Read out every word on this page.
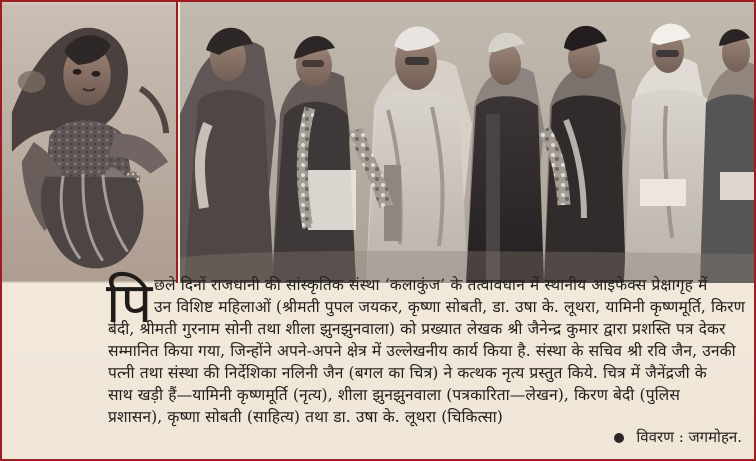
पि छले दिनों राजधानी की सांस्कृतिक संस्था ‘कलाकुंज’ के तत्वावधान में स्थानीय आइफेक्स प्रेक्षागृह में
उन विशिष्ट महिलाओं (श्रीमती पुपल जयकर, कृष्णा सोबती, डा. उषा के. लूथरा, यामिनी कृष्णमूर्ति, किरण
बेदी, श्रीमती गुरनाम सोनी तथा शीला झुनझुनवाला) को प्रख्यात लेखक श्री जैनेन्द्र कुमार द्वारा प्रशस्ति पत्र देकर
सम्मानित किया गया, जिन्होंने अपने-अपने क्षेत्र में उल्लेखनीय कार्य किया है. संस्था के सचिव श्री रवि जैन, उनकी
पत्नी तथा संस्था की निर्देशिका नलिनी जैन (बगल का चित्र) ने कत्थक नृत्य प्रस्तुत किये. चित्र में जैनेंद्रजी के
साथ खड़ी हैं—यामिनी कृष्णमूर्ति (नृत्य), शीला झुनझुनवाला (पत्रकारिता—लेखन), किरण बेदी (पुलिस
प्रशासन), कृष्णा सोबती (साहित्य) तथा डा. उषा के. लूथरा (चिकित्सा)
विवरण : जगमोहन.
